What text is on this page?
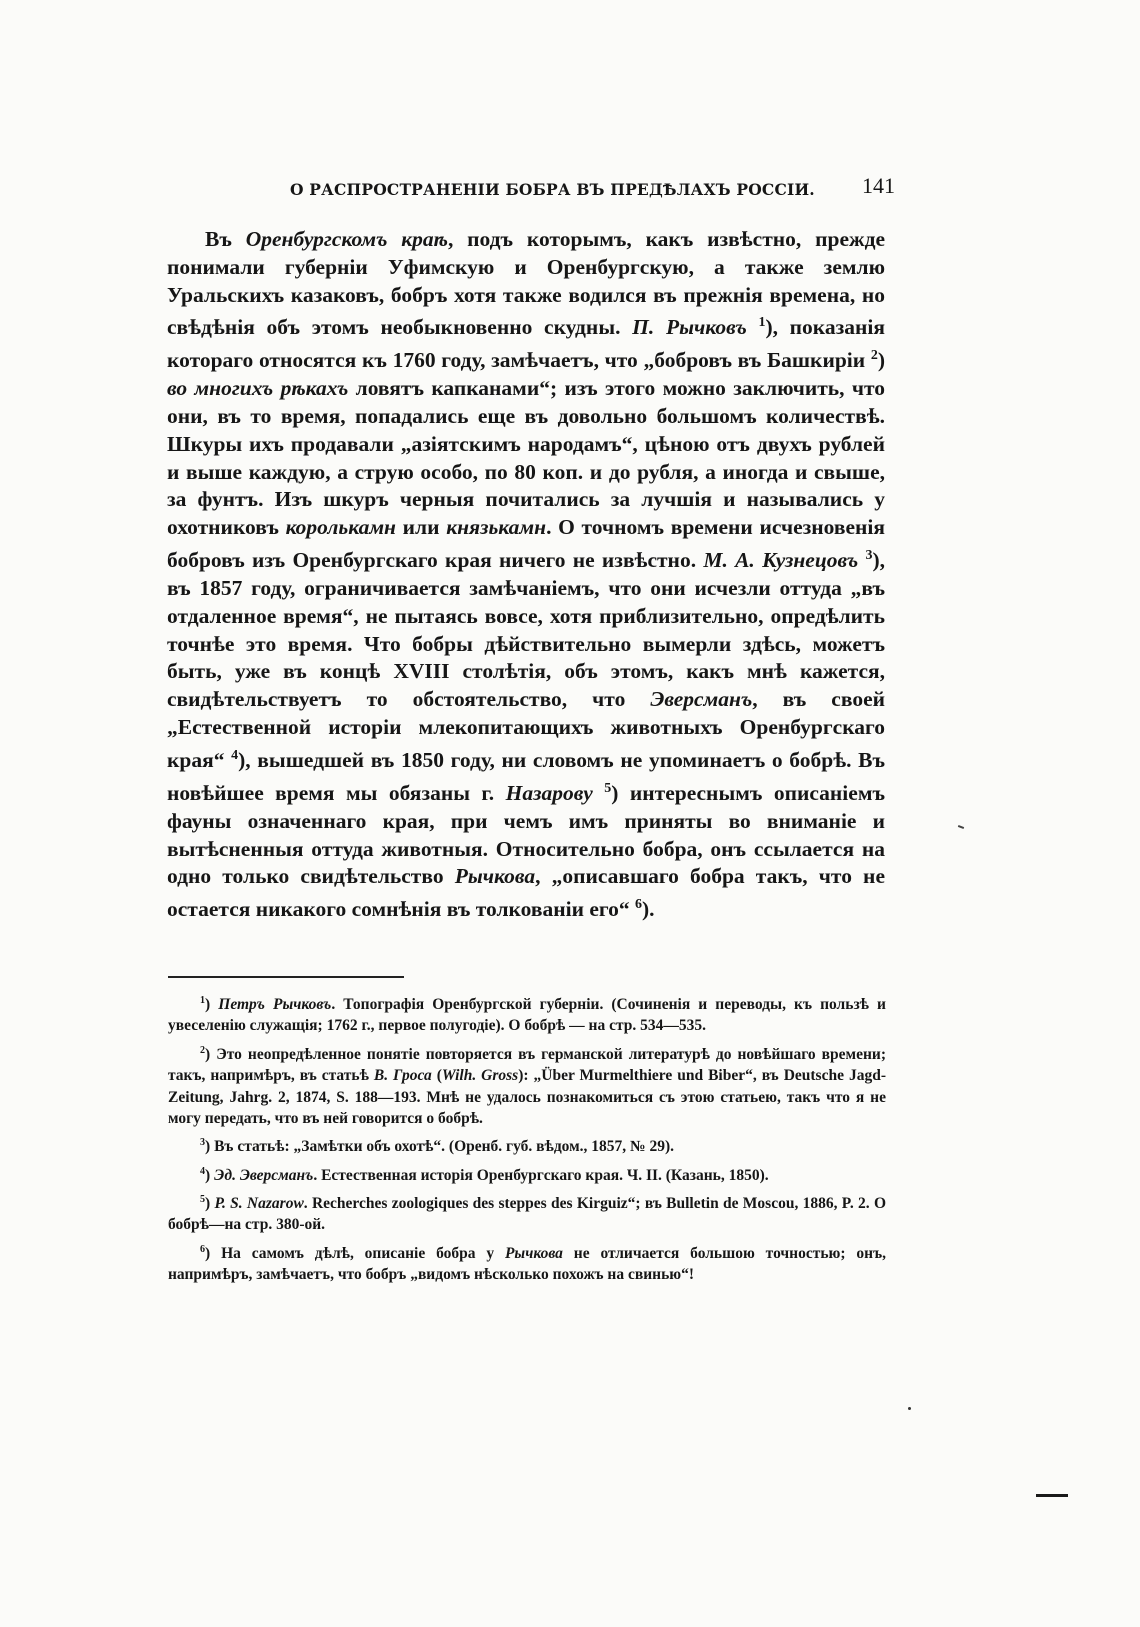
О РАСПРОСТРАНЕНІИ БОБРА ВЪ ПРЕДѢЛАХЪ РОССІИ.	141

Въ Оренбургскомъ краѣ, подъ которымъ, какъ извѣстно, прежде понимали губерніи Уфимскую и Оренбургскую, а также землю Уральскихъ казаковъ, бобръ хотя также водился въ прежнія времена, но свѣдѣнія объ этомъ необыкновенно скудны. П. Рычковъ $^1$), показанія котораго относятся къ 1760 году, замѣчаетъ, что „бобровъ въ Башкиріи $^2$) во многихъ рѣкахъ ловятъ капканами“; изъ этого можно заключить, что они, въ то время, попадались еще въ довольно большомъ количествѣ. Шкуры ихъ продавали „азіятскимъ народамъ“, цѣною отъ двухъ рублей и выше каждую, а струю особо, по 80 коп. и до рубля, а иногда и свыше, за фунтъ. Изъ шкуръ черныя почитались за лучшія и назывались у охотниковъ королькамн или князькамн. О точномъ времени исчезновенія бобровъ изъ Оренбургскаго края ничего не извѣстно. М. А. Кузнецовъ $^3$), въ 1857 году, ограничивается замѣчаніемъ, что они исчезли оттуда „въ отдаленное время“, не пытаясь вовсе, хотя приблизительно, опредѣлить точнѣе это время. Что бобры дѣйствительно вымерли здѣсь, можетъ быть, уже въ концѣ XVIII столѣтія, объ этомъ, какъ мнѣ кажется, свидѣтельствуетъ то обстоятельство, что Эверсманъ, въ своей „Естественной исторіи млекопитающихъ животныхъ Оренбургскаго края“ $^4$), вышедшей въ 1850 году, ни словомъ не упоминаетъ о бобрѣ. Въ новѣйшее время мы обязаны г. Назарову $^5$) интереснымъ описаніемъ фауны означеннаго края, при чемъ имъ приняты во вниманіе и вытѣсненныя оттуда животныя. Относительно бобра, онъ ссылается на одно только свидѣтельство Рычкова, „описавшаго бобра такъ, что не остается никакого сомнѣнія въ толкованіи его“ $^6$).

$^1$) Петръ Рычковъ. Топографія Оренбургской губерніи. (Сочиненія и переводы, къ пользѣ и увеселенію служащія; 1762 г., первое полугодіе). О бобрѣ — на стр. 534—535.

$^2$) Это неопредѣленное понятіе повторяется въ германской литературѣ до новѣйшаго времени; такъ, напримѣръ, въ статьѣ В. Гроса (Wilh. Gross): „Über Murmelthiere und Biber“, въ Deutsche Jagd-Zeitung, Jahrg. 2, 1874, S. 188—193. Мнѣ не удалось познакомиться съ этою статьею, такъ что я не могу передать, что въ ней говорится о бобрѣ.

$^3$) Въ статьѣ: „Замѣтки объ охотѣ“. (Оренб. губ. вѣдом., 1857, № 29).

$^4$) Эд. Эверсманъ. Естественная исторія Оренбургскаго края. Ч. II. (Казань, 1850).

$^5$) P. S. Nazarow. Recherches zoologiques des steppes des Kirguiz“; въ Bulletin de Moscou, 1886, P. 2. О бобрѣ—на стр. 380-ой.

$^6$) На самомъ дѣлѣ, описаніе бобра у Рычкова не отличается большою точностью; онъ, напримѣръ, замѣчаетъ, что бобръ „видомъ нѣсколько похожъ на свинью“!
